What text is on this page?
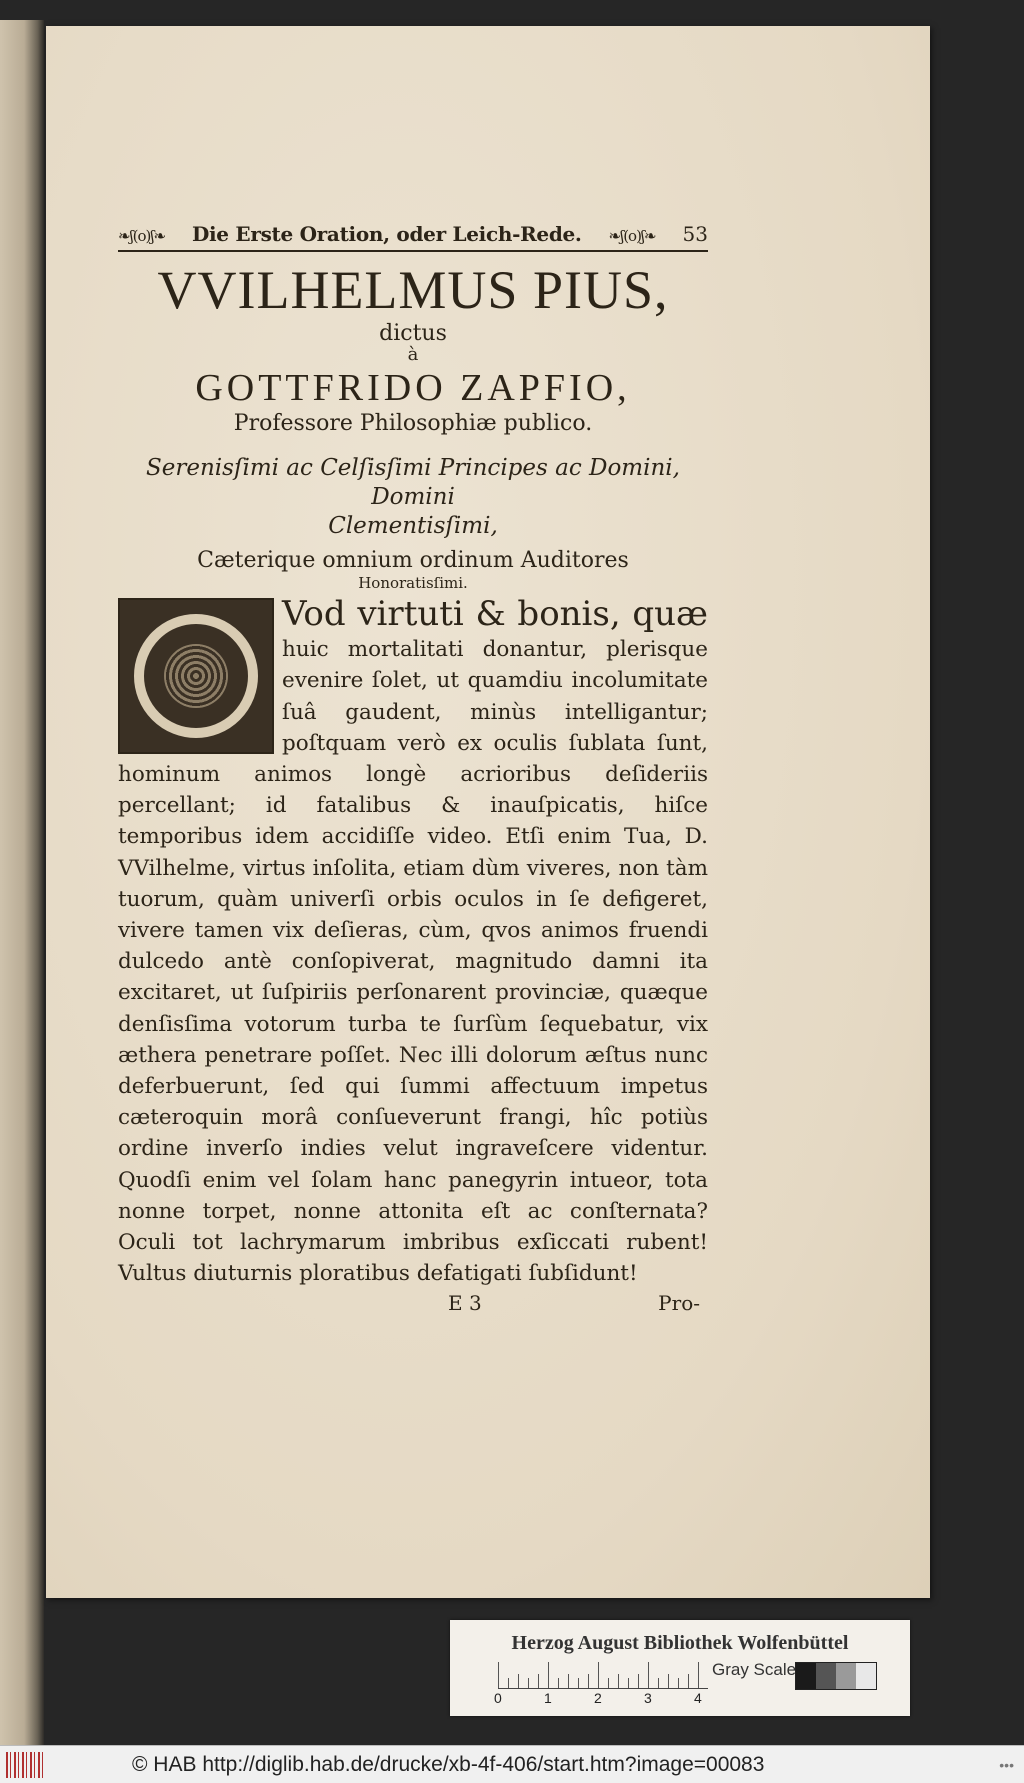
❧ʃ(o)ʃ❧ Die Erste Oration, oder Leich-Rede. ❧ʃ(o)ʃ❧ 53
VVILHELMUS PIUS,
dictus
à
GOTTFRIDO ZAPFIO,
Professore Philosophiæ publico.
Serenisſimi ac Celſisſimi Principes ac Domini, Domini
Clementisſimi,
Cæterique omnium ordinum Auditores
Honoratisſimi.
Vod virtuti & bonis, quæ huic mortalitati donantur, plerisque evenire ſolet, ut quamdiu incolumitate ſuâ gaudent, minùs intelligantur; poſtquam verò ex oculis ſublata ſunt, hominum animos longè acrioribus deſideriis percellant; id fatalibus & inauſpicatis, hiſce temporibus idem accidiſſe video. Etſi enim Tua, D. VVilhelme, virtus inſolita, etiam dùm viveres, non tàm tuorum, quàm univerſi orbis oculos in ſe defigeret, vivere tamen vix deſieras, cùm, qvos animos fruendi dulcedo antè conſopiverat, magnitudo damni ita excitaret, ut ſuſpiriis perſonarent provinciæ, quæque denſisſima votorum turba te ſurſùm ſequebatur, vix æthera penetrare poſſet. Nec illi dolorum æſtus nunc deferbuerunt, ſed qui ſummi affectuum impetus cæteroquin morâ conſueverunt frangi, hîc potiùs ordine inverſo indies velut ingraveſcere videntur. Quodſi enim vel ſolam hanc panegyrin intueor, tota nonne torpet, nonne attonita eſt ac conſternata? Oculi tot lachrymarum imbribus exſiccati rubent! Vultus diuturnis ploratibus defatigati ſubſidunt!
E 3	Pro-
Herzog August Bibliothek Wolfenbüttel
0	1	2	3	4
Gray Scale
© HAB http://diglib.hab.de/drucke/xb-4f-406/start.htm?image=00083	•••
